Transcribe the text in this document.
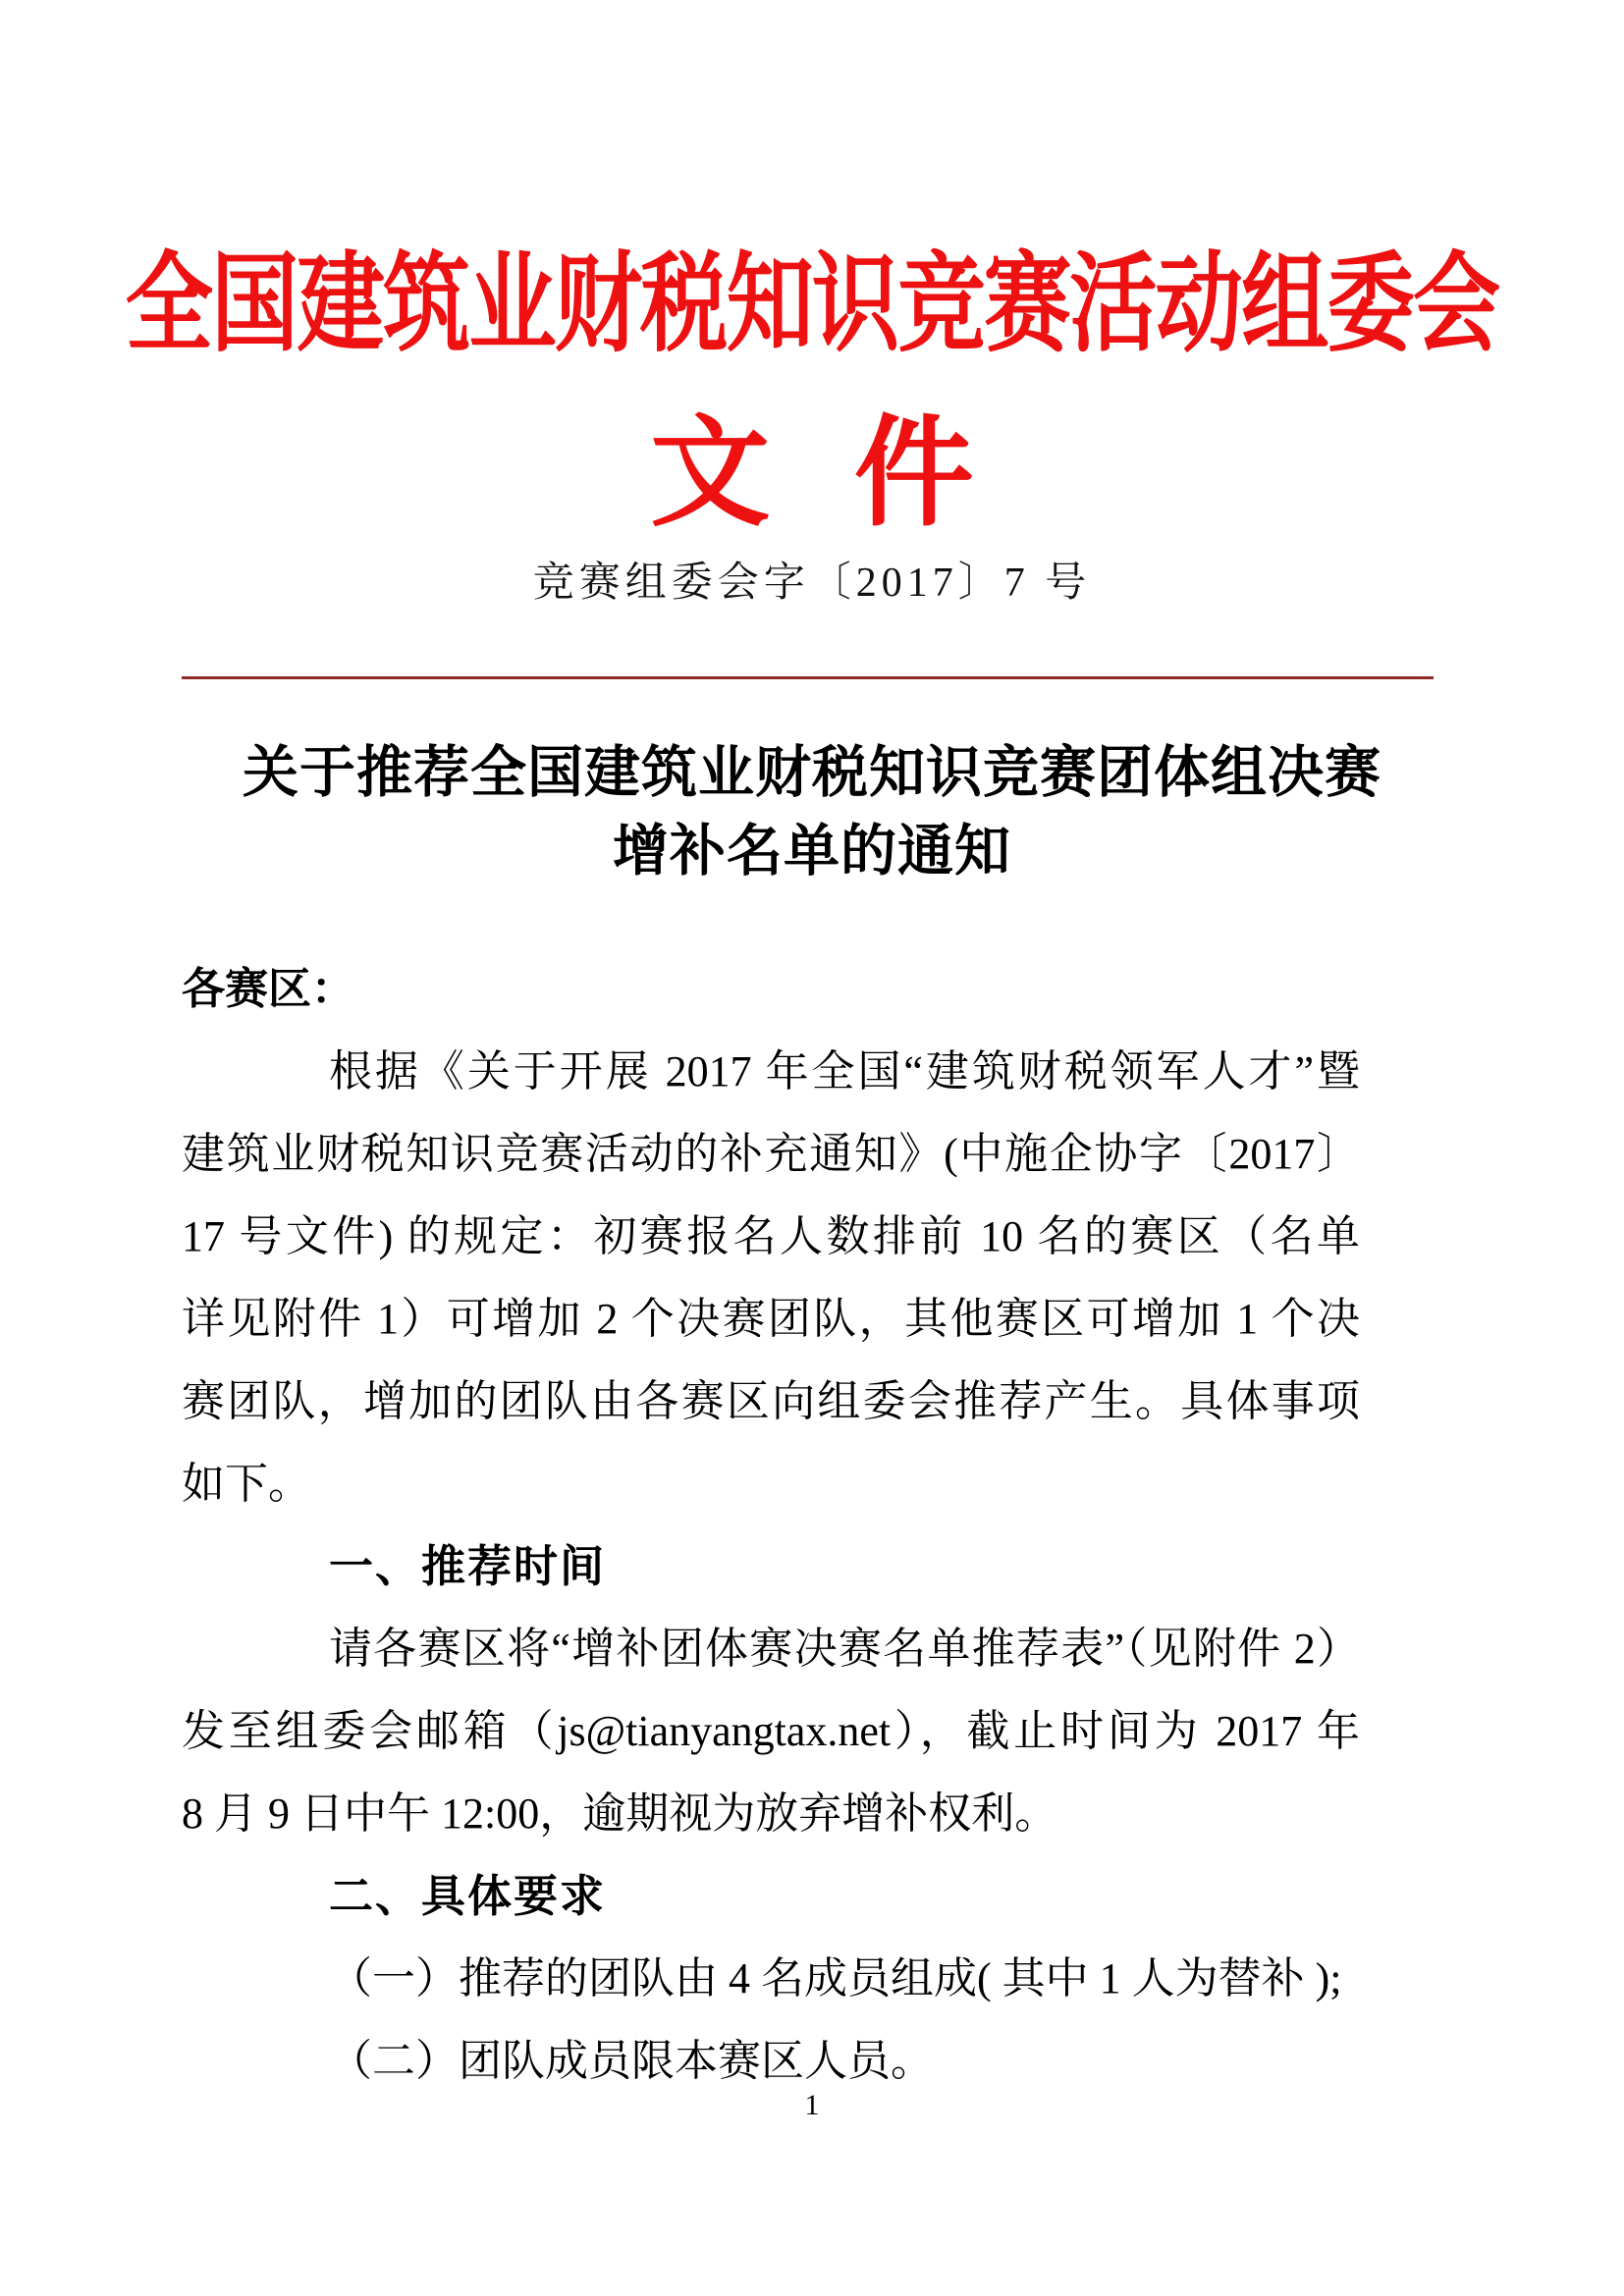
全国建筑业财税知识竞赛活动组委会
文 件
竞赛组委会字〔2017〕7 号
关于推荐全国建筑业财税知识竞赛团体组决赛
增补名单的通知
各赛区：
根据《关于开展 2017 年全国“建筑财税领军人才”暨
建筑业财税知识竞赛活动的补充通知》(中施企协字〔2017〕
17 号文件) 的规定：初赛报名人数排前 10 名的赛区（名单
详见附件 1）可增加 2 个决赛团队，其他赛区可增加 1 个决
赛团队，增加的团队由各赛区向组委会推荐产生。具体事项
如下。
一、推荐时间
请各赛区将“增补团体赛决赛名单推荐表”（见附件 2）
发至组委会邮箱（js@tianyangtax.net），截止时间为 2017 年
8 月 9 日中午 12:00，逾期视为放弃增补权利。
二、具体要求
（一）推荐的团队由 4 名成员组成( 其中 1 人为替补 );
（二）团队成员限本赛区人员。
1
